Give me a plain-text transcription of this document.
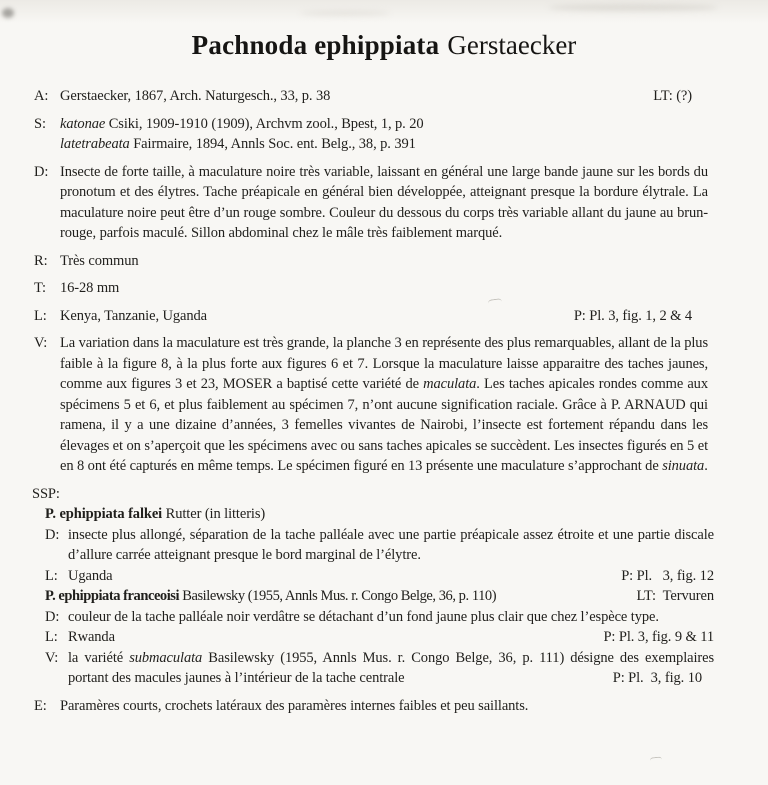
Pachnoda ephippiata Gerstaecker
A: Gerstaecker, 1867, Arch. Naturgesch., 33, p. 38	LT: (?)
S: katonae Csiki, 1909-1910 (1909), Archvm zool., Bpest, 1, p. 20
latetrabeata Fairmaire, 1894, Annls Soc. ent. Belg., 38, p. 391
D: Insecte de forte taille, à maculature noire très variable, laissant en général une large bande jaune sur les bords du pronotum et des élytres. Tache préapicale en général bien développée, atteignant presque la bordure élytrale. La maculature noire peut être d’un rouge sombre. Couleur du dessous du corps très variable allant du jaune au brun-rouge, parfois maculé. Sillon abdominal chez le mâle très faiblement marqué.
R: Très commun
T: 16-28 mm
L: Kenya, Tanzanie, Uganda	P: Pl. 3, fig. 1, 2 & 4
V: La variation dans la maculature est très grande, la planche 3 en représente des plus remarquables, allant de la plus faible à la figure 8, à la plus forte aux figures 6 et 7. Lorsque la maculature laisse apparaitre des taches jaunes, comme aux figures 3 et 23, MOSER a baptisé cette variété de maculata. Les taches apicales rondes comme aux spécimens 5 et 6, et plus faiblement au spécimen 7, n’ont aucune signification raciale. Grâce à P. ARNAUD qui ramena, il y a une dizaine d’années, 3 femelles vivantes de Nairobi, l’insecte est fortement répandu dans les élevages et on s’aperçoit que les spécimens avec ou sans taches apicales se succèdent. Les insectes figurés en 5 et en 8 ont été capturés en même temps. Le spécimen figuré en 13 présente une maculature s’approchant de sinuata.
SSP:
P. ephippiata falkei Rutter (in litteris)
D: insecte plus allongé, séparation de la tache palléale avec une partie préapicale assez étroite et une partie discale d’allure carrée atteignant presque le bord marginal de l’élytre.
L: Uganda	P: Pl.   3, fig. 12
P. ephippiata franceoisi Basilewsky (1955, Annls Mus. r. Congo Belge, 36, p. 110)	LT:  Tervuren
D: couleur de la tache palléale noir verdâtre se détachant d’un fond jaune plus clair que chez l’espèce type.
L: Rwanda	P: Pl. 3, fig. 9 & 11
V: la variété submaculata Basilewsky (1955, Annls Mus. r. Congo Belge, 36, p. 111) désigne des exemplaires portant des macules jaunes à l’intérieur de la tache centrale	P: Pl.  3, fig. 10
E: Paramères courts, crochets latéraux des paramères internes faibles et peu saillants.
